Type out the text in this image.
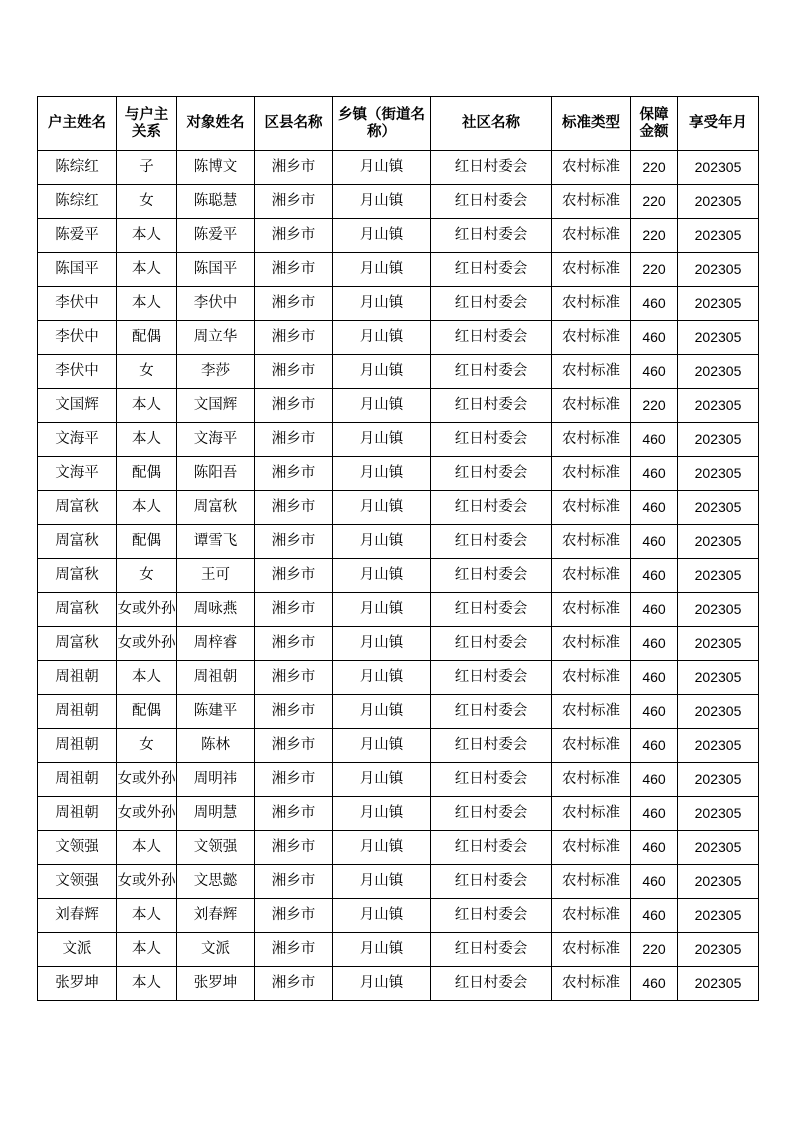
户主姓名	与户主关系	对象姓名	区县名称	乡镇（街道名称）	社区名称	标准类型	保障金额	享受年月
陈综红	子	陈博文	湘乡市	月山镇	红日村委会	农村标准	220	202305
陈综红	女	陈聪慧	湘乡市	月山镇	红日村委会	农村标准	220	202305
陈爱平	本人	陈爱平	湘乡市	月山镇	红日村委会	农村标准	220	202305
陈国平	本人	陈国平	湘乡市	月山镇	红日村委会	农村标准	220	202305
李伏中	本人	李伏中	湘乡市	月山镇	红日村委会	农村标准	460	202305
李伏中	配偶	周立华	湘乡市	月山镇	红日村委会	农村标准	460	202305
李伏中	女	李莎	湘乡市	月山镇	红日村委会	农村标准	460	202305
文国辉	本人	文国辉	湘乡市	月山镇	红日村委会	农村标准	220	202305
文海平	本人	文海平	湘乡市	月山镇	红日村委会	农村标准	460	202305
文海平	配偶	陈阳吾	湘乡市	月山镇	红日村委会	农村标准	460	202305
周富秋	本人	周富秋	湘乡市	月山镇	红日村委会	农村标准	460	202305
周富秋	配偶	谭雪飞	湘乡市	月山镇	红日村委会	农村标准	460	202305
周富秋	女	王可	湘乡市	月山镇	红日村委会	农村标准	460	202305
周富秋	女或外孙	周咏燕	湘乡市	月山镇	红日村委会	农村标准	460	202305
周富秋	女或外孙	周梓睿	湘乡市	月山镇	红日村委会	农村标准	460	202305
周祖朝	本人	周祖朝	湘乡市	月山镇	红日村委会	农村标准	460	202305
周祖朝	配偶	陈建平	湘乡市	月山镇	红日村委会	农村标准	460	202305
周祖朝	女	陈林	湘乡市	月山镇	红日村委会	农村标准	460	202305
周祖朝	女或外孙	周明祎	湘乡市	月山镇	红日村委会	农村标准	460	202305
周祖朝	女或外孙	周明慧	湘乡市	月山镇	红日村委会	农村标准	460	202305
文领强	本人	文领强	湘乡市	月山镇	红日村委会	农村标准	460	202305
文领强	女或外孙	文思懿	湘乡市	月山镇	红日村委会	农村标准	460	202305
刘春辉	本人	刘春辉	湘乡市	月山镇	红日村委会	农村标准	460	202305
文派	本人	文派	湘乡市	月山镇	红日村委会	农村标准	220	202305
张罗坤	本人	张罗坤	湘乡市	月山镇	红日村委会	农村标准	460	202305
